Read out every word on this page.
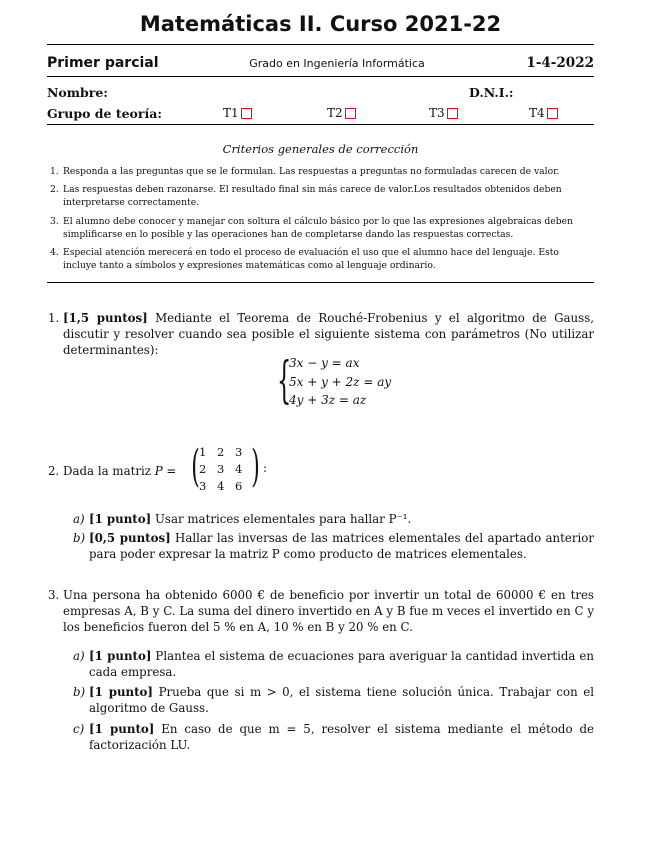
Matemáticas II. Curso 2021-22
Primer parcial	Grado en Ingeniería Informática	1-4-2022
Nombre:	D.N.I.:
Grupo de teoría:	T1	T2	T3	T4
Criterios generales de corrección
1. Responda a las preguntas que se le formulan. Las respuestas a preguntas no formuladas carecen de valor.
2. Las respuestas deben razonarse. El resultado final sin más carece de valor.Los resultados obtenidos deben interpretarse correctamente.
3. El alumno debe conocer y manejar con soltura el cálculo básico por lo que las expresiones algebraicas deben simplificarse en lo posible y las operaciones han de completarse dando las respuestas correctas.
4. Especial atención merecerá en todo el proceso de evaluación el uso que el alumno hace del lenguaje. Esto incluye tanto a símbolos y expresiones matemáticas como al lenguaje ordinario.
1. [1,5 puntos] Mediante el Teorema de Rouché-Frobenius y el algoritmo de Gauss, discutir y resolver cuando sea posible el siguiente sistema con parámetros (No utilizar determinantes):
{
3x − y = ax
5x + y + 2z = ay
4y + 3z = az
2. Dada la matriz P = ( 1 2 3
2 3 4
3 4 6 ) :
a) [1 punto] Usar matrices elementales para hallar P⁻¹.
b) [0,5 puntos] Hallar las inversas de las matrices elementales del apartado anterior para poder expresar la matriz P como producto de matrices elementales.
3. Una persona ha obtenido 6000 € de beneficio por invertir un total de 60000 € en tres empresas A, B y C. La suma del dinero invertido en A y B fue m veces el invertido en C y los beneficios fueron del 5 % en A, 10 % en B y 20 % en C.
a) [1 punto] Plantea el sistema de ecuaciones para averiguar la cantidad invertida en cada empresa.
b) [1 punto] Prueba que si m > 0, el sistema tiene solución única. Trabajar con el algoritmo de Gauss.
c) [1 punto] En caso de que m = 5, resolver el sistema mediante el método de factorización LU.
